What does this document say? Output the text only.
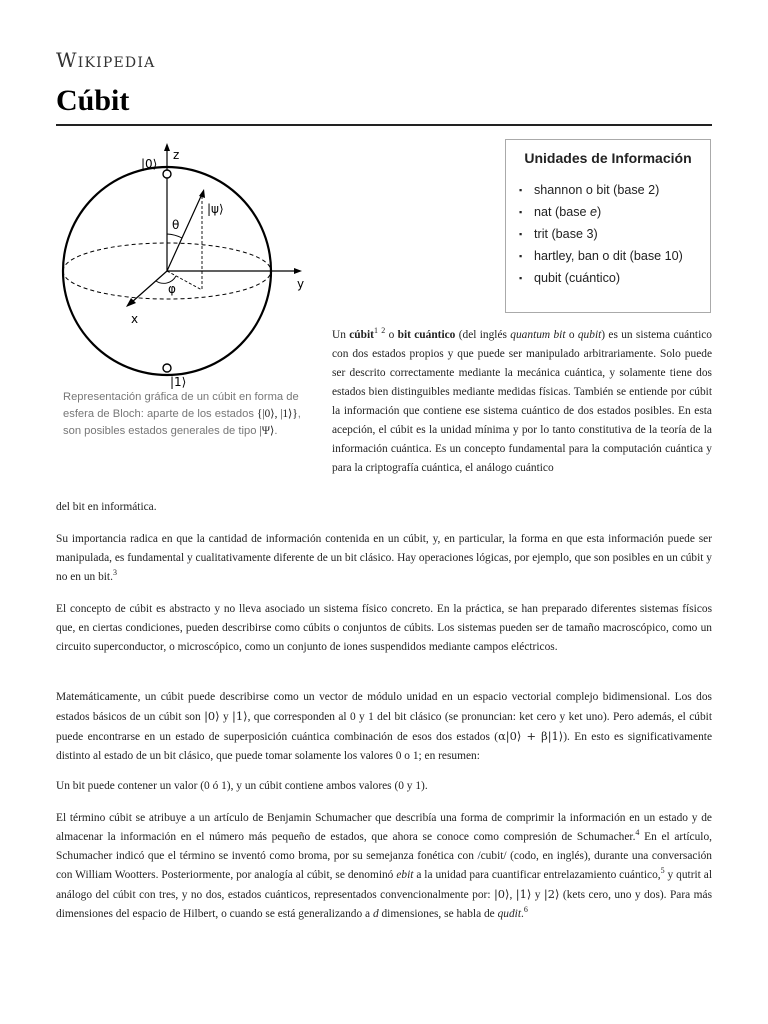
Wikipedia
Cúbit
|0⟩
z
|ψ⟩
θ
φ	y
x
|1⟩
Representación gráfica de un cúbit en forma de esfera de Bloch: aparte de los estados {|0⟩, |1⟩}, son posibles estados generales de tipo |Ψ⟩.
Unidades de Información
▪ shannon o bit (base 2)
▪ nat (base e)
▪ trit (base 3)
▪ hartley, ban o dit (base 10)
▪ qubit (cuántico)

Un cúbit$^1$ $^2$ o bit cuántico (del inglés quantum bit o qubit) es un sistema cuántico con dos estados propios y que puede ser manipulado arbitrariamente. Solo puede ser descrito correctamente mediante la mecánica cuántica, y solamente tiene dos estados bien distinguibles mediante medidas físicas. También se entiende por cúbit la información que contiene ese sistema cuántico de dos estados posibles. En esta acepción, el cúbit es la unidad mínima y por lo tanto constitutiva de la teoría de la información cuántica. Es un concepto fundamental para la computación cuántica y para la criptografía cuántica, el análogo cuántico

del bit en informática.

Su importancia radica en que la cantidad de información contenida en un cúbit, y, en particular, la forma en que esta información puede ser manipulada, es fundamental y cualitativamente diferente de un bit clásico. Hay operaciones lógicas, por ejemplo, que son posibles en un cúbit y no en un bit.$^3$

El concepto de cúbit es abstracto y no lleva asociado un sistema físico concreto. En la práctica, se han preparado diferentes sistemas físicos que, en ciertas condiciones, pueden describirse como cúbits o conjuntos de cúbits. Los sistemas pueden ser de tamaño macroscópico, como un circuito superconductor, o microscópico, como un conjunto de iones suspendidos mediante campos eléctricos.

Matemáticamente, un cúbit puede describirse como un vector de módulo unidad en un espacio vectorial complejo bidimensional. Los dos estados básicos de un cúbit son |0⟩ y |1⟩, que corresponden al 0 y 1 del bit clásico (se pronuncian: ket cero y ket uno). Pero además, el cúbit puede encontrarse en un estado de superposición cuántica combinación de esos dos estados (α|0⟩ + β|1⟩). En esto es significativamente distinto al estado de un bit clásico, que puede tomar solamente los valores 0 o 1; en resumen:

Un bit puede contener un valor (0 ó 1), y un cúbit contiene ambos valores (0 y 1).

El término cúbit se atribuye a un artículo de Benjamin Schumacher que describía una forma de comprimir la información en un estado y de almacenar la información en el número más pequeño de estados, que ahora se conoce como compresión de Schumacher.$^4$ En el artículo, Schumacher indicó que el término se inventó como broma, por su semejanza fonética con /cubit/ (codo, en inglés), durante una conversación con William Wootters. Posteriormente, por analogía al cúbit, se denominó ebit a la unidad para cuantificar entrelazamiento cuántico,$^5$ y qutrit al análogo del cúbit con tres, y no dos, estados cuánticos, representados convencionalmente por: |0⟩, |1⟩ y |2⟩ (kets cero, uno y dos). Para más dimensiones del espacio de Hilbert, o cuando se está generalizando a d dimensiones, se habla de qudit.$^6$
